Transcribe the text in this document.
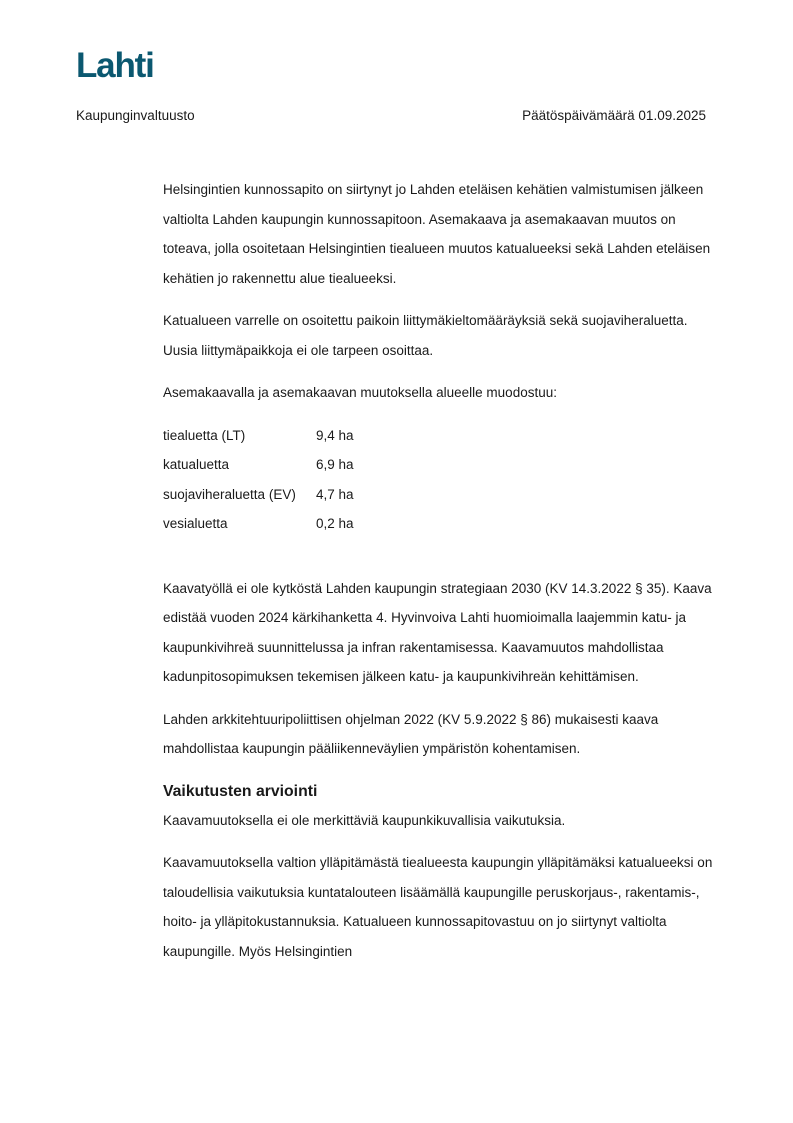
Lahti
Kaupunginvaltuusto	Päätöspäivämäärä 01.09.2025

Helsingintien kunnossapito on siirtynyt jo Lahden eteläisen kehätien valmistumisen jälkeen valtiolta Lahden kaupungin kunnossapitoon. Asemakaava ja asemakaavan muutos on toteava, jolla osoitetaan Helsingintien tiealueen muutos katualueeksi sekä Lahden eteläisen kehätien jo rakennettu alue tiealueeksi.

Katualueen varrelle on osoitettu paikoin liittymäkieltomääräyksiä sekä suojaviheraluetta. Uusia liittymäpaikkoja ei ole tarpeen osoittaa.

Asemakaavalla ja asemakaavan muutoksella alueelle muodostuu:

tiealuetta (LT)	9,4 ha
katualuetta	6,9 ha
suojaviheraluetta (EV)	4,7 ha
vesialuetta	0,2 ha

Kaavatyöllä ei ole kytköstä Lahden kaupungin strategiaan 2030 (KV 14.3.2022 § 35). Kaava edistää vuoden 2024 kärkihanketta 4. Hyvinvoiva Lahti huomioimalla laajemmin katu- ja kaupunkivihreä suunnittelussa ja infran rakentamisessa. Kaavamuutos mahdollistaa kadunpitosopimuksen tekemisen jälkeen katu- ja kaupunkivihreän kehittämisen.

Lahden arkkitehtuuripoliittisen ohjelman 2022 (KV 5.9.2022 § 86) mukaisesti kaava mahdollistaa kaupungin pääliikenneväylien ympäristön kohentamisen.

Vaikutusten arviointi

Kaavamuutoksella ei ole merkittäviä kaupunkikuvallisia vaikutuksia.

Kaavamuutoksella valtion ylläpitämästä tiealueesta kaupungin ylläpitämäksi katualueeksi on taloudellisia vaikutuksia kuntatalouteen lisäämällä kaupungille peruskorjaus-, rakentamis-, hoito- ja ylläpitokustannuksia. Katualueen kunnossapitovastuu on jo siirtynyt valtiolta kaupungille. Myös Helsingintien
